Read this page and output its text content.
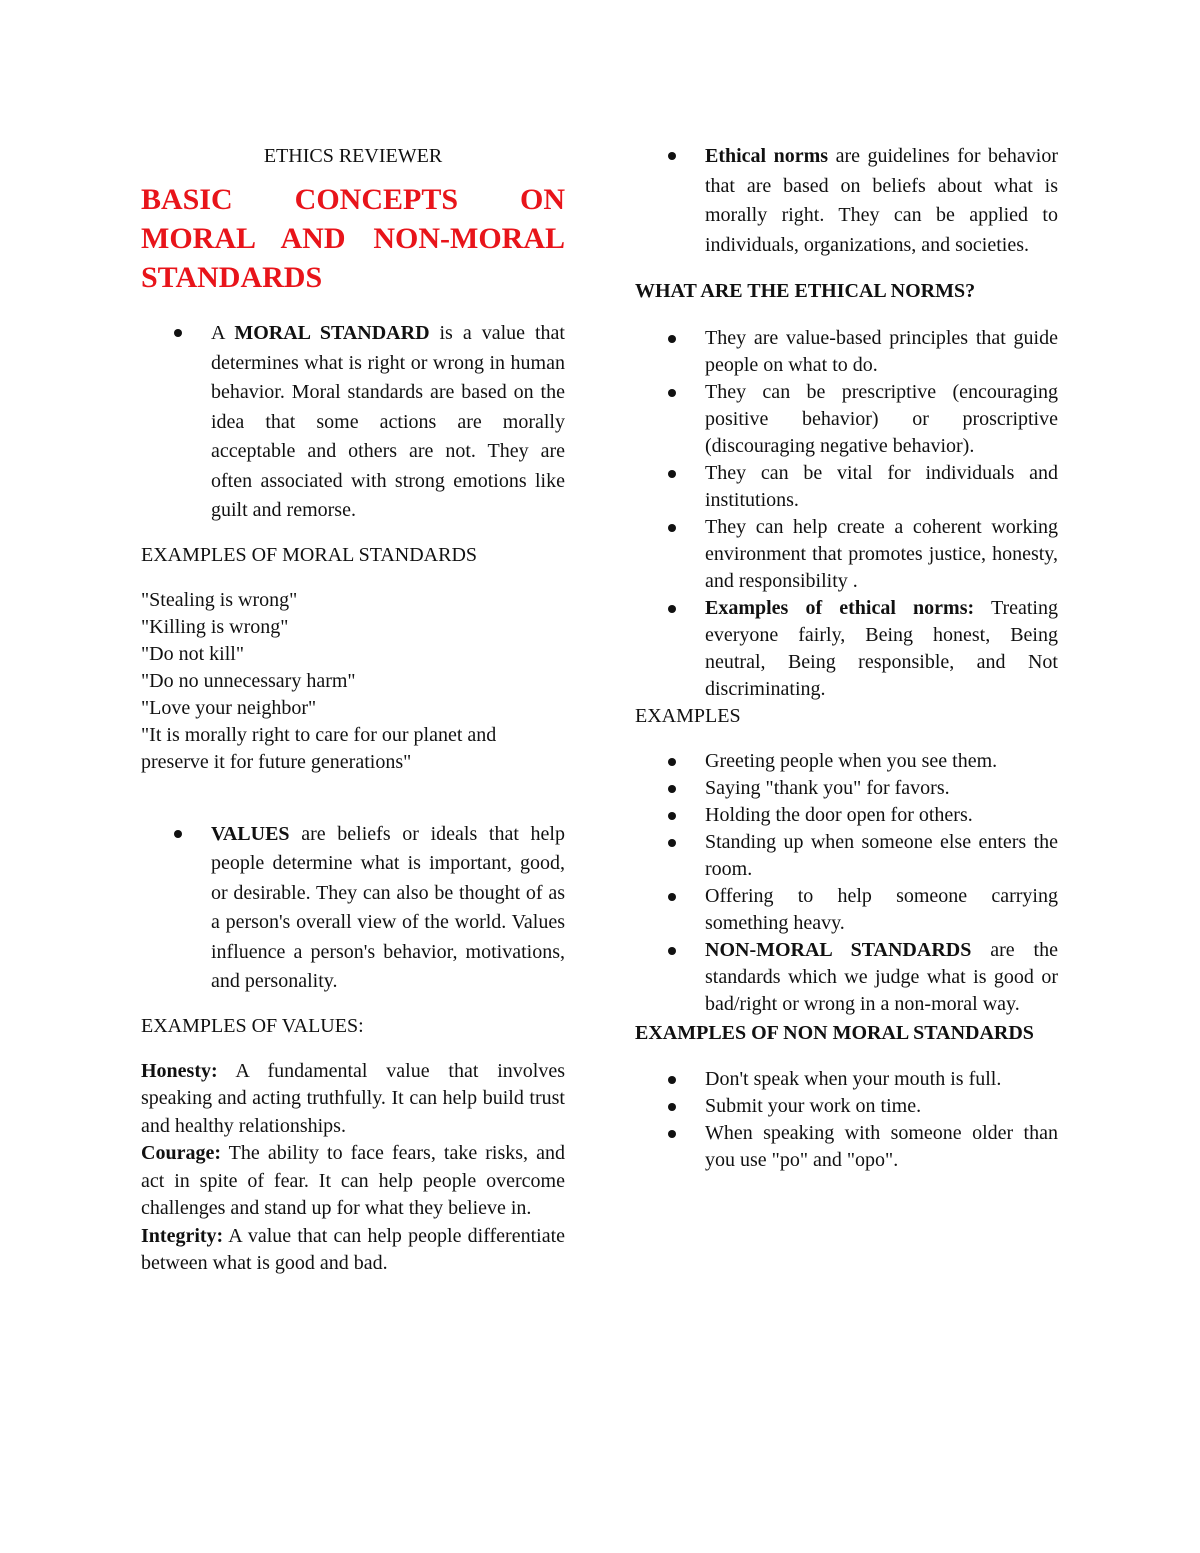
ETHICS REVIEWER

BASIC CONCEPTS ON MORAL AND NON-MORAL STANDARDS

A MORAL STANDARD is a value that determines what is right or wrong in human behavior. Moral standards are based on the idea that some actions are morally acceptable and others are not. They are often associated with strong emotions like guilt and remorse.

EXAMPLES OF MORAL STANDARDS

"Stealing is wrong"

"Killing is wrong"

"Do not kill"

"Do no unnecessary harm"

"Love your neighbor"

"It is morally right to care for our planet and preserve it for future generations"

VALUES are beliefs or ideals that help people determine what is important, good, or desirable. They can also be thought of as a person's overall view of the world. Values influence a person's behavior, motivations, and personality.

EXAMPLES OF VALUES:

Honesty: A fundamental value that involves speaking and acting truthfully. It can help build trust and healthy relationships.

Courage: The ability to face fears, take risks, and act in spite of fear. It can help people overcome challenges and stand up for what they believe in.

Integrity: A value that can help people differentiate between what is good and bad.

Ethical norms are guidelines for behavior that are based on beliefs about what is morally right. They can be applied to individuals, organizations, and societies.

WHAT ARE THE ETHICAL NORMS?

They are value-based principles that guide people on what to do.
They can be prescriptive (encouraging positive behavior) or proscriptive (discouraging negative behavior).
They can be vital for individuals and institutions.
They can help create a coherent working environment that promotes justice, honesty, and responsibility .
Examples of ethical norms: Treating everyone fairly, Being honest, Being neutral, Being responsible, and Not discriminating.

EXAMPLES

Greeting people when you see them.
Saying "thank you" for favors.
Holding the door open for others.
Standing up when someone else enters the room.
Offering to help someone carrying something heavy.
NON-MORAL STANDARDS are the standards which we judge what is good or bad/right or wrong in a non-moral way.

EXAMPLES OF NON MORAL STANDARDS

Don't speak when your mouth is full.
Submit your work on time.
When speaking with someone older than you use "po" and "opo".
